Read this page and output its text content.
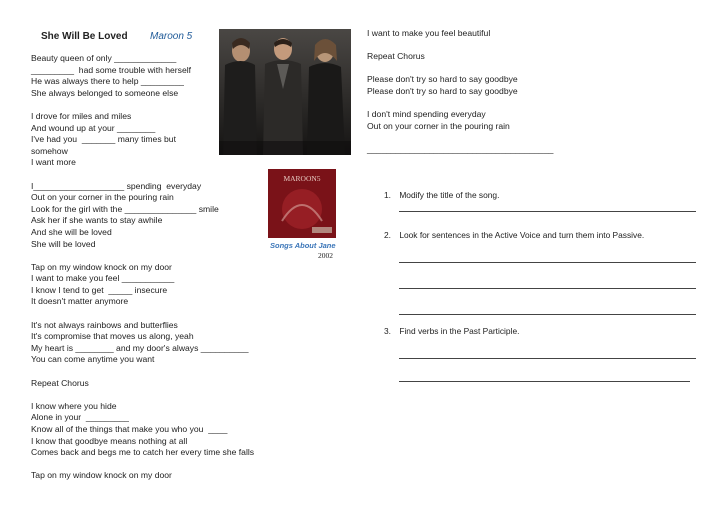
She Will Be Loved Maroon 5
Beauty queen of only _____________
_________  had some trouble with herself
He was always there to help _________
She always belonged to someone else
I drove for miles and miles
And wound up at your ________
I've had you  _______ many times but
somehow
I want more
I___________________ spending  everyday
Out on your corner in the pouring rain
Look for the girl with the _______________ smile
Ask her if she wants to stay awhile
And she will be loved
She will be loved
Tap on my window knock on my door
I want to make you feel ___________
I know I tend to get  _____ insecure
It doesn't matter anymore
It's not always rainbows and butterflies
It's compromise that moves us along, yeah
My heart is ________ and my door's always __________
You can come anytime you want
Repeat Chorus
I know where you hide
Alone in your  _________
Know all of the things that make you who you  ____
I know that goodbye means nothing at all
Comes back and begs me to catch her every time she falls
Tap on my window knock on my door
MAROON5
Songs About Jane
2002
I want to make you feel beautiful
Repeat Chorus
Please don't try so hard to say goodbye
Please don't try so hard to say goodbye
I don't mind spending everyday
Out on your corner in the pouring rain
_______________________________________
1. Modify the title of the song.
2. Look for sentences in the Active Voice and turn them into Passive.
3. Find verbs in the Past Participle.
